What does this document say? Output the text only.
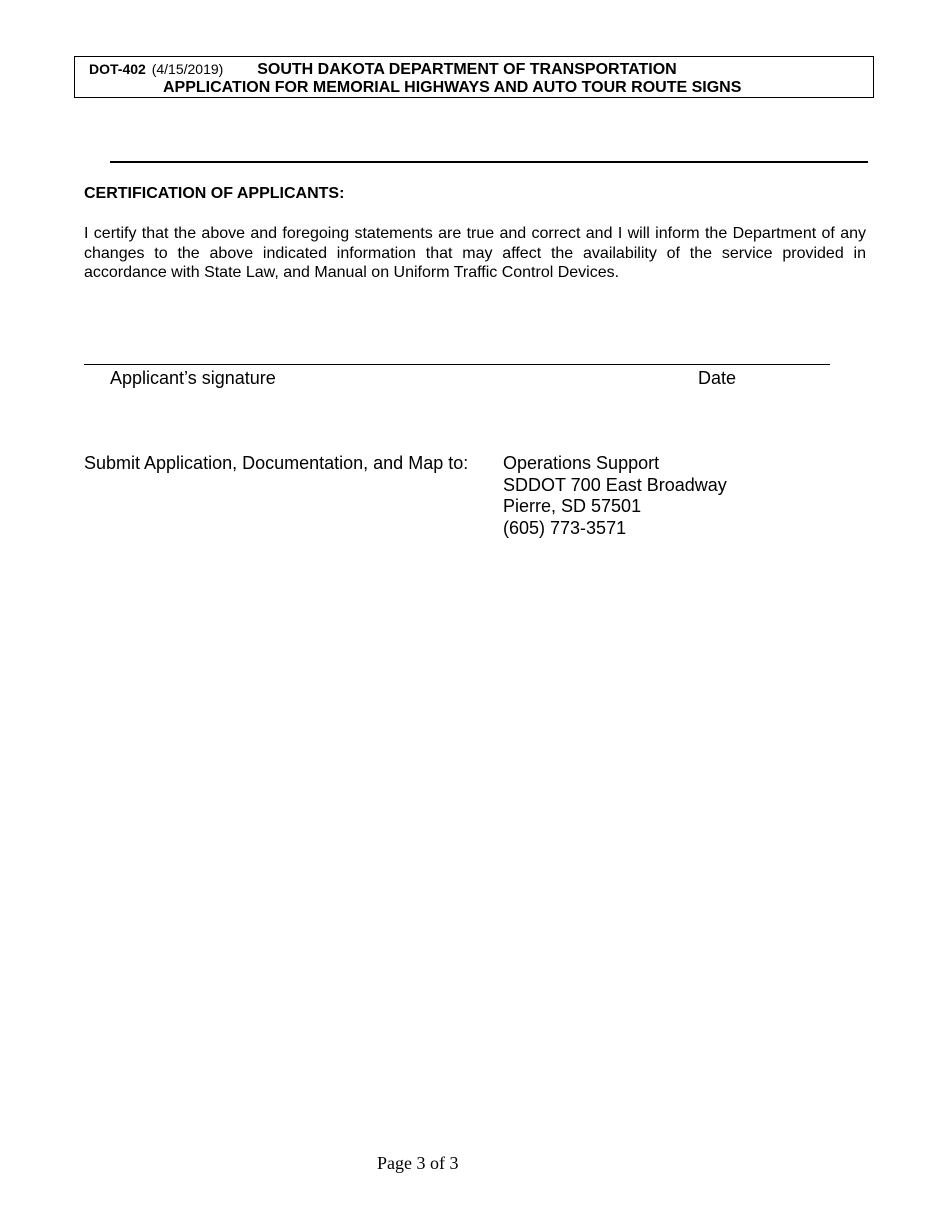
DOT-402 (4/15/2019) SOUTH DAKOTA DEPARTMENT OF TRANSPORTATION
APPLICATION FOR MEMORIAL HIGHWAYS AND AUTO TOUR ROUTE SIGNS
CERTIFICATION OF APPLICANTS:
I certify that the above and foregoing statements are true and correct and I will inform the Department of any changes to the above indicated information that may affect the availability of the service provided in accordance with State Law, and Manual on Uniform Traffic Control Devices.
Applicant’s signature	Date
Submit Application, Documentation, and Map to: Operations Support
SDDOT 700 East Broadway
Pierre, SD 57501
(605) 773-3571
Page 3 of 3
